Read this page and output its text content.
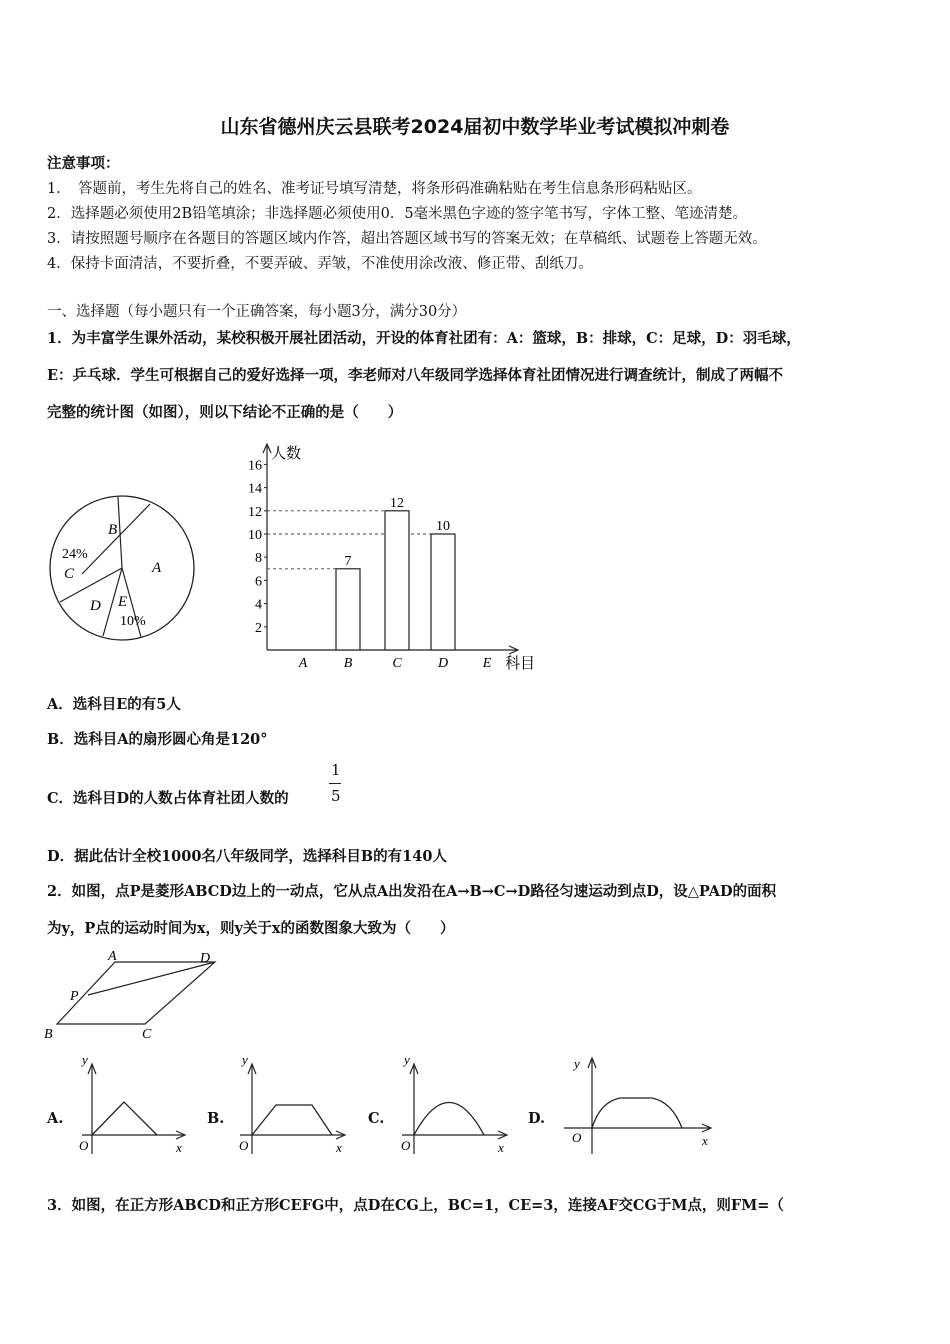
山东省德州庆云县联考2024届初中数学毕业考试模拟冲刺卷
注意事项：
1．　答题前，考生先将自己的姓名、准考证号填写清楚，将条形码准确粘贴在考生信息条形码粘贴区。
2．选择题必须使用2B铅笔填涂；非选择题必须使用0．5毫米黑色字迹的签字笔书写，字体工整、笔迹清楚。
3．请按照题号顺序在各题目的答题区域内作答，超出答题区域书写的答案无效；在草稿纸、试题卷上答题无效。
4．保持卡面清洁，不要折叠，不要弄破、弄皱，不准使用涂改液、修正带、刮纸刀。
一、选择题（每小题只有一个正确答案，每小题3分，满分30分）
1．为丰富学生课外活动，某校积极开展社团活动，开设的体育社团有：A：篮球，B：排球，C：足球，D：羽毛球，
E：乒乓球．学生可根据自己的爱好选择一项，李老师对八年级同学选择体育社团情况进行调查统计，制成了两幅不
完整的统计图（如图），则以下结论不正确的是（　　）
B
A
24%
C
D E
10%
人数
科目
2
4
6
8
10
12
14
16
A
7
B
12
C
10
D E
A．选科目E的有5人
B．选科目A的扇形圆心角是120°
C．选科目D的人数占体育社团人数的
1
5
D．据此估计全校1000名八年级同学，选择科目B的有140人
2．如图，点P是菱形ABCD边上的一动点，它从点A出发沿在A→B→C→D路径匀速运动到点D，设△PAD的面积
为y，P点的运动时间为x，则y关于x的函数图象大致为（　　）
A	D
P
B	C
A.
y
O	x
B.
y
O	x
C.
y
O	x
D.
y
O	x
3．如图，在正方形ABCD和正方形CEFG中，点D在CG上，BC=1，CE=3，连接AF交CG于M点，则FM=（
